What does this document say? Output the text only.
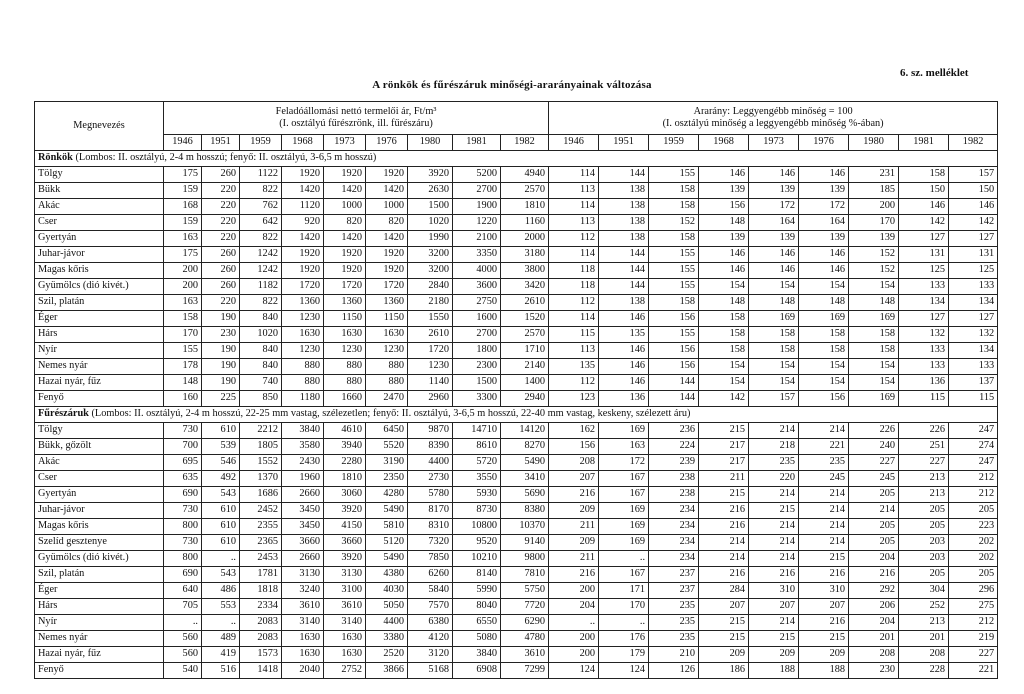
6. sz. melléklet
A rönkök és fűrészáruk minőségi-ararányainak változása
Megnevezés	Feladóállomási nettó termelői ár, Ft/m³
(I. osztályú fűrészrönk, ill. fűrészáru)									Ararány: Leggyengébb minőség = 100
(I. osztályú minőség a leggyengébb minőség %-ában)								
	1946	1951	1959	1968	1973	1976	1980	1981	1982	1946	1951	1959	1968	1973	1976	1980	1981	1982
Rönkök (Lombos: II. osztályú, 2-4 m hosszú; fenyő: II. osztályú, 3-6,5 m hosszú)																		
Tölgy	175	260	1122	1920	1920	1920	3920	5200	4940	114	144	155	146	146	146	231	158	157
Bükk	159	220	822	1420	1420	1420	2630	2700	2570	113	138	158	139	139	139	185	150	150
Akác	168	220	762	1120	1000	1000	1500	1900	1810	114	138	158	156	172	172	200	146	146
Cser	159	220	642	920	820	820	1020	1220	1160	113	138	152	148	164	164	170	142	142
Gyertyán	163	220	822	1420	1420	1420	1990	2100	2000	112	138	158	139	139	139	139	127	127
Juhar-jávor	175	260	1242	1920	1920	1920	3200	3350	3180	114	144	155	146	146	146	152	131	131
Magas kőris	200	260	1242	1920	1920	1920	3200	4000	3800	118	144	155	146	146	146	152	125	125
Gyümölcs (dió kivét.)	200	260	1182	1720	1720	1720	2840	3600	3420	118	144	155	154	154	154	154	133	133
Szil, platán	163	220	822	1360	1360	1360	2180	2750	2610	112	138	158	148	148	148	148	134	134
Éger	158	190	840	1230	1150	1150	1550	1600	1520	114	146	156	158	169	169	169	127	127
Hárs	170	230	1020	1630	1630	1630	2610	2700	2570	115	135	155	158	158	158	158	132	132
Nyír	155	190	840	1230	1230	1230	1720	1800	1710	113	146	156	158	158	158	158	133	134
Nemes nyár	178	190	840	880	880	880	1230	2300	2140	135	146	156	154	154	154	154	133	133
Hazai nyár, fűz	148	190	740	880	880	880	1140	1500	1400	112	146	144	154	154	154	154	136	137
Fenyő	160	225	850	1180	1660	2470	2960	3300	2940	123	136	144	142	157	156	169	115	115
Fűrészáruk (Lombos: II. osztályú, 2-4 m hosszú, 22-25 mm vastag, szélezetlen; fenyő: II. osztályú, 3-6,5 m hosszú, 22-40 mm vastag, keskeny, szélezett áru)																		
Tölgy	730	610	2212	3840	4610	6450	9870	14710	14120	162	169	236	215	214	214	226	226	247
Bükk, gőzölt	700	539	1805	3580	3940	5520	8390	8610	8270	156	163	224	217	218	221	240	251	274
Akác	695	546	1552	2430	2280	3190	4400	5720	5490	208	172	239	217	235	235	227	227	247
Cser	635	492	1370	1960	1810	2350	2730	3550	3410	207	167	238	211	220	245	245	213	212
Gyertyán	690	543	1686	2660	3060	4280	5780	5930	5690	216	167	238	215	214	214	205	213	212
Juhar-jávor	730	610	2452	3450	3920	5490	8170	8730	8380	209	169	234	216	215	214	214	205	205
Magas kőris	800	610	2355	3450	4150	5810	8310	10800	10370	211	169	234	216	214	214	205	205	223
Szelíd gesztenye	730	610	2365	3660	3660	5120	7320	9520	9140	209	169	234	214	214	214	205	203	202
Gyümölcs (dió kivét.)	800	..	2453	2660	3920	5490	7850	10210	9800	211	..	234	214	214	215	204	203	202
Szil, platán	690	543	1781	3130	3130	4380	6260	8140	7810	216	167	237	216	216	216	216	205	205
Éger	640	486	1818	3240	3100	4030	5840	5990	5750	200	171	237	284	310	310	292	304	296
Hárs	705	553	2334	3610	3610	5050	7570	8040	7720	204	170	235	207	207	207	206	252	275
Nyír	..	..	2083	3140	3140	4400	6380	6550	6290	..	..	235	215	214	216	204	213	212
Nemes nyár	560	489	2083	1630	1630	3380	4120	5080	4780	200	176	235	215	215	215	201	201	219
Hazai nyár, fűz	560	419	1573	1630	1630	2520	3120	3840	3610	200	179	210	209	209	209	208	208	227
Fenyő	540	516	1418	2040	2752	3866	5168	6908	7299	124	124	126	186	188	188	230	228	221
